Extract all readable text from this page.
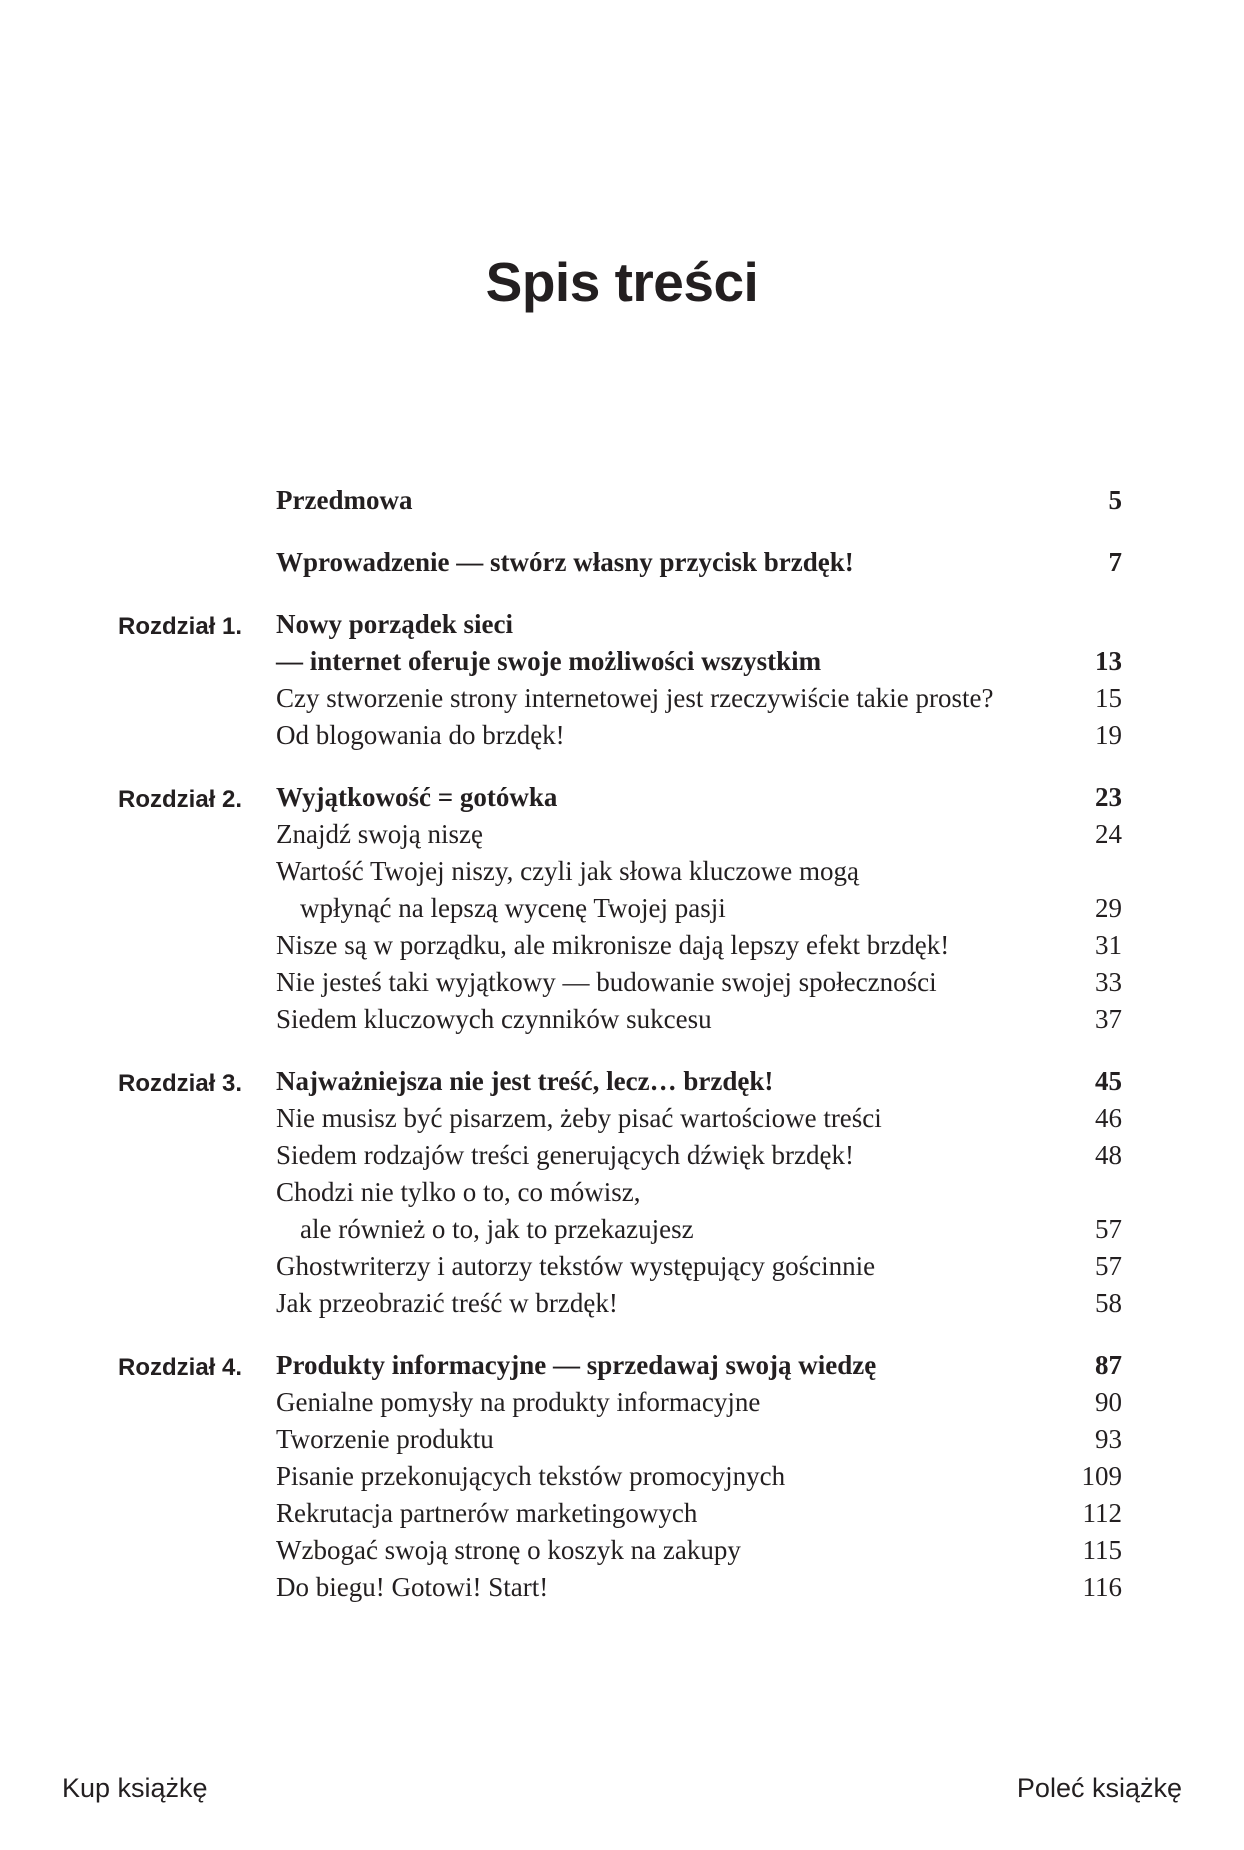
Spis treści
Przedmowa	5
Wprowadzenie — stwórz własny przycisk brzdęk!	7
Rozdział 1. Nowy porządek sieci
— internet oferuje swoje możliwości wszystkim	13
Czy stworzenie strony internetowej jest rzeczywiście takie proste?	15
Od blogowania do brzdęk!	19
Rozdział 2. Wyjątkowość = gotówka	23
Znajdź swoją niszę	24
Wartość Twojej niszy, czyli jak słowa kluczowe mogą
wpłynąć na lepszą wycenę Twojej pasji	29
Nisze są w porządku, ale mikronisze dają lepszy efekt brzdęk!	31
Nie jesteś taki wyjątkowy — budowanie swojej społeczności	33
Siedem kluczowych czynników sukcesu	37
Rozdział 3. Najważniejsza nie jest treść, lecz… brzdęk!	45
Nie musisz być pisarzem, żeby pisać wartościowe treści	46
Siedem rodzajów treści generujących dźwięk brzdęk!	48
Chodzi nie tylko o to, co mówisz,
ale również o to, jak to przekazujesz	57
Ghostwriterzy i autorzy tekstów występujący gościnnie	57
Jak przeobrazić treść w brzdęk!	58
Rozdział 4. Produkty informacyjne — sprzedawaj swoją wiedzę	87
Genialne pomysły na produkty informacyjne	90
Tworzenie produktu	93
Pisanie przekonujących tekstów promocyjnych	109
Rekrutacja partnerów marketingowych	112
Wzbogać swoją stronę o koszyk na zakupy	115
Do biegu! Gotowi! Start!	116
Kup książkę	Poleć książkę
